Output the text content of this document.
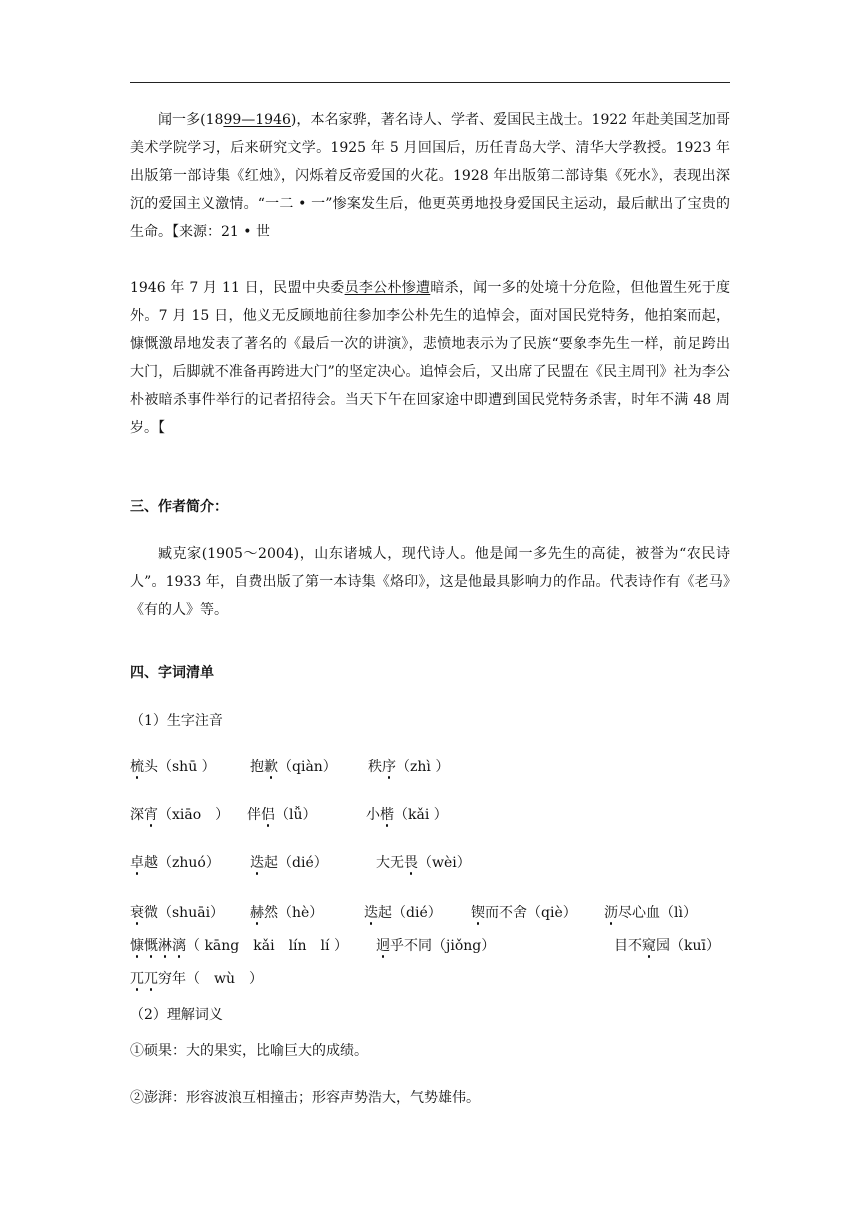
闻一多(1899—1946)，本名家骅，著名诗人、学者、爱国民主战士。1922 年赴美国芝加哥美术学院学习，后来研究文学。1925 年 5 月回国后，历任青岛大学、清华大学教授。1923 年出版第一部诗集《红烛》，闪烁着反帝爱国的火花。1928 年出版第二部诗集《死水》，表现出深沉的爱国主义激情。“一二 • 一”惨案发生后，他更英勇地投身爱国民主运动，最后献出了宝贵的生命。【来源：21 • 世
1946 年 7 月 11 日，民盟中央委员李公朴惨遭暗杀，闻一多的处境十分危险，但他置生死于度外。7 月 15 日，他义无反顾地前往参加李公朴先生的追悼会，面对国民党特务，他拍案而起，慷慨激昂地发表了著名的《最后一次的讲演》，悲愤地表示为了民族“要象李先生一样，前足跨出大门，后脚就不准备再跨进大门”的坚定决心。追悼会后，又出席了民盟在《民主周刊》社为李公朴被暗杀事件举行的记者招待会。当天下午在回家途中即遭到国民党特务杀害，时年不满 48 周岁。【
三、作者简介：
臧克家(1905～2004)，山东诸城人，现代诗人。他是闻一多先生的高徒，被誉为“农民诗人”。1933 年，自费出版了第一本诗集《烙印》，这是他最具影响力的作品。代表诗作有《老马》《有的人》等。
四、字词清单
（1）生字注音
梳头（shū ） 抱歉（qiàn） 秩序（zhì ）
深宵（xiāo　） 伴侣（lǚ）	小楷（kǎi ）
卓越（zhuó） 迭起（dié）	大无畏（wèi）
衰微（shuāi） 赫然（hè）	迭起（dié） 锲而不舍（qiè） 沥尽心血（lì）
慷慨淋漓（ kāng　kǎi　lín　lí ） 迥乎不同（jiǒng）	目不窥园（kuī）
兀兀穷年（　wù　）
（2）理解词义
①硕果：大的果实，比喻巨大的成绩。
②澎湃：形容波浪互相撞击；形容声势浩大，气势雄伟。
